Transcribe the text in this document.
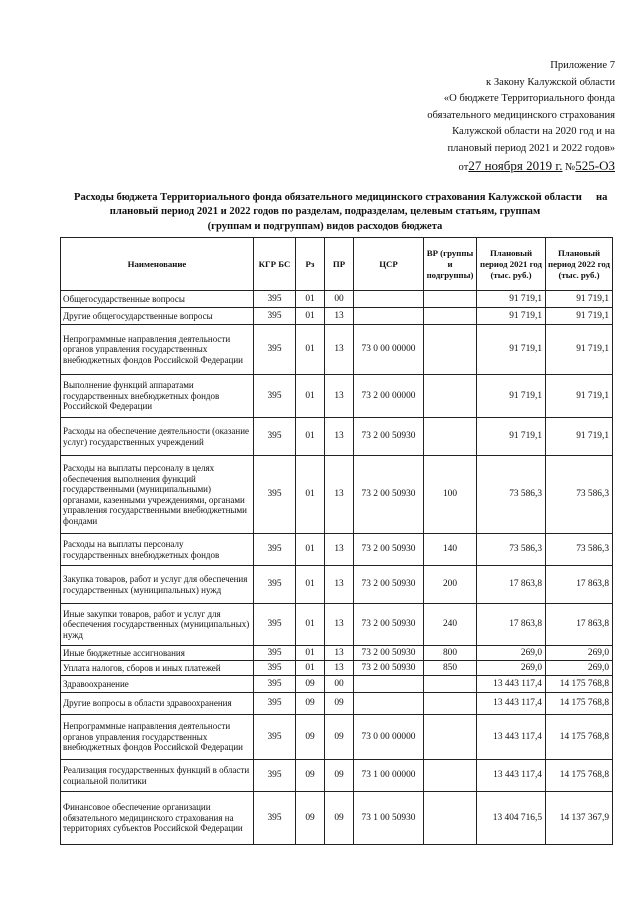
Приложение 7
к Закону Калужской области
«О бюджете Территориального фонда
обязательного медицинского страхования
Калужской области на 2020 год и на
плановый период 2021 и 2022 годов»
от27 ноября 2019 г. №525-ОЗ
Расходы бюджета Территориального фонда обязательного медицинского страхования Калужской области на
плановый период 2021 и 2022 годов по разделам, подразделам, целевым статьям, группам
(группам и подгруппам) видов расходов бюджета
Наименование	КГР БС	Рз	ПР	ЦСР	ВР (группы и подгруппы)	Плановый период 2021 год (тыс. руб.)	Плановый период 2022 год (тыс. руб.)
Общегосударственные вопросы	395	01	00			91 719,1	91 719,1
Другие общегосударственные вопросы	395	01	13			91 719,1	91 719,1
Непрограммные направления деятельности органов управления государственных внебюджетных фондов Российской Федерации	395	01	13	73 0 00 00000		91 719,1	91 719,1
Выполнение функций аппаратами государственных внебюджетных фондов Российской Федерации	395	01	13	73 2 00 00000		91 719,1	91 719,1
Расходы на обеспечение деятельности (оказание услуг) государственных учреждений	395	01	13	73 2 00 50930		91 719,1	91 719,1
Расходы на выплаты персоналу в целях обеспечения выполнения функций государственными (муниципальными) органами, казенными учреждениями, органами управления государственными внебюджетными фондами	395	01	13	73 2 00 50930	100	73 586,3	73 586,3
Расходы на выплаты персоналу государственных внебюджетных фондов	395	01	13	73 2 00 50930	140	73 586,3	73 586,3
Закупка товаров, работ и услуг для обеспечения государственных (муниципальных) нужд	395	01	13	73 2 00 50930	200	17 863,8	17 863,8
Иные закупки товаров, работ и услуг для обеспечения государственных (муниципальных) нужд	395	01	13	73 2 00 50930	240	17 863,8	17 863,8
Иные бюджетные ассигнования	395	01	13	73 2 00 50930	800	269,0	269,0
Уплата налогов, сборов и иных платежей	395	01	13	73 2 00 50930	850	269,0	269,0
Здравоохранение	395	09	00			13 443 117,4	14 175 768,8
Другие вопросы в области здравоохранения	395	09	09			13 443 117,4	14 175 768,8
Непрограммные направления деятельности органов управления государственных внебюджетных фондов Российской Федерации	395	09	09	73 0 00 00000		13 443 117,4	14 175 768,8
Реализация государственных функций в области социальной политики	395	09	09	73 1 00 00000		13 443 117,4	14 175 768,8
Финансовое обеспечение организации обязательного медицинского страхования на территориях субъектов Российской Федерации	395	09	09	73 1 00 50930		13 404 716,5	14 137 367,9
